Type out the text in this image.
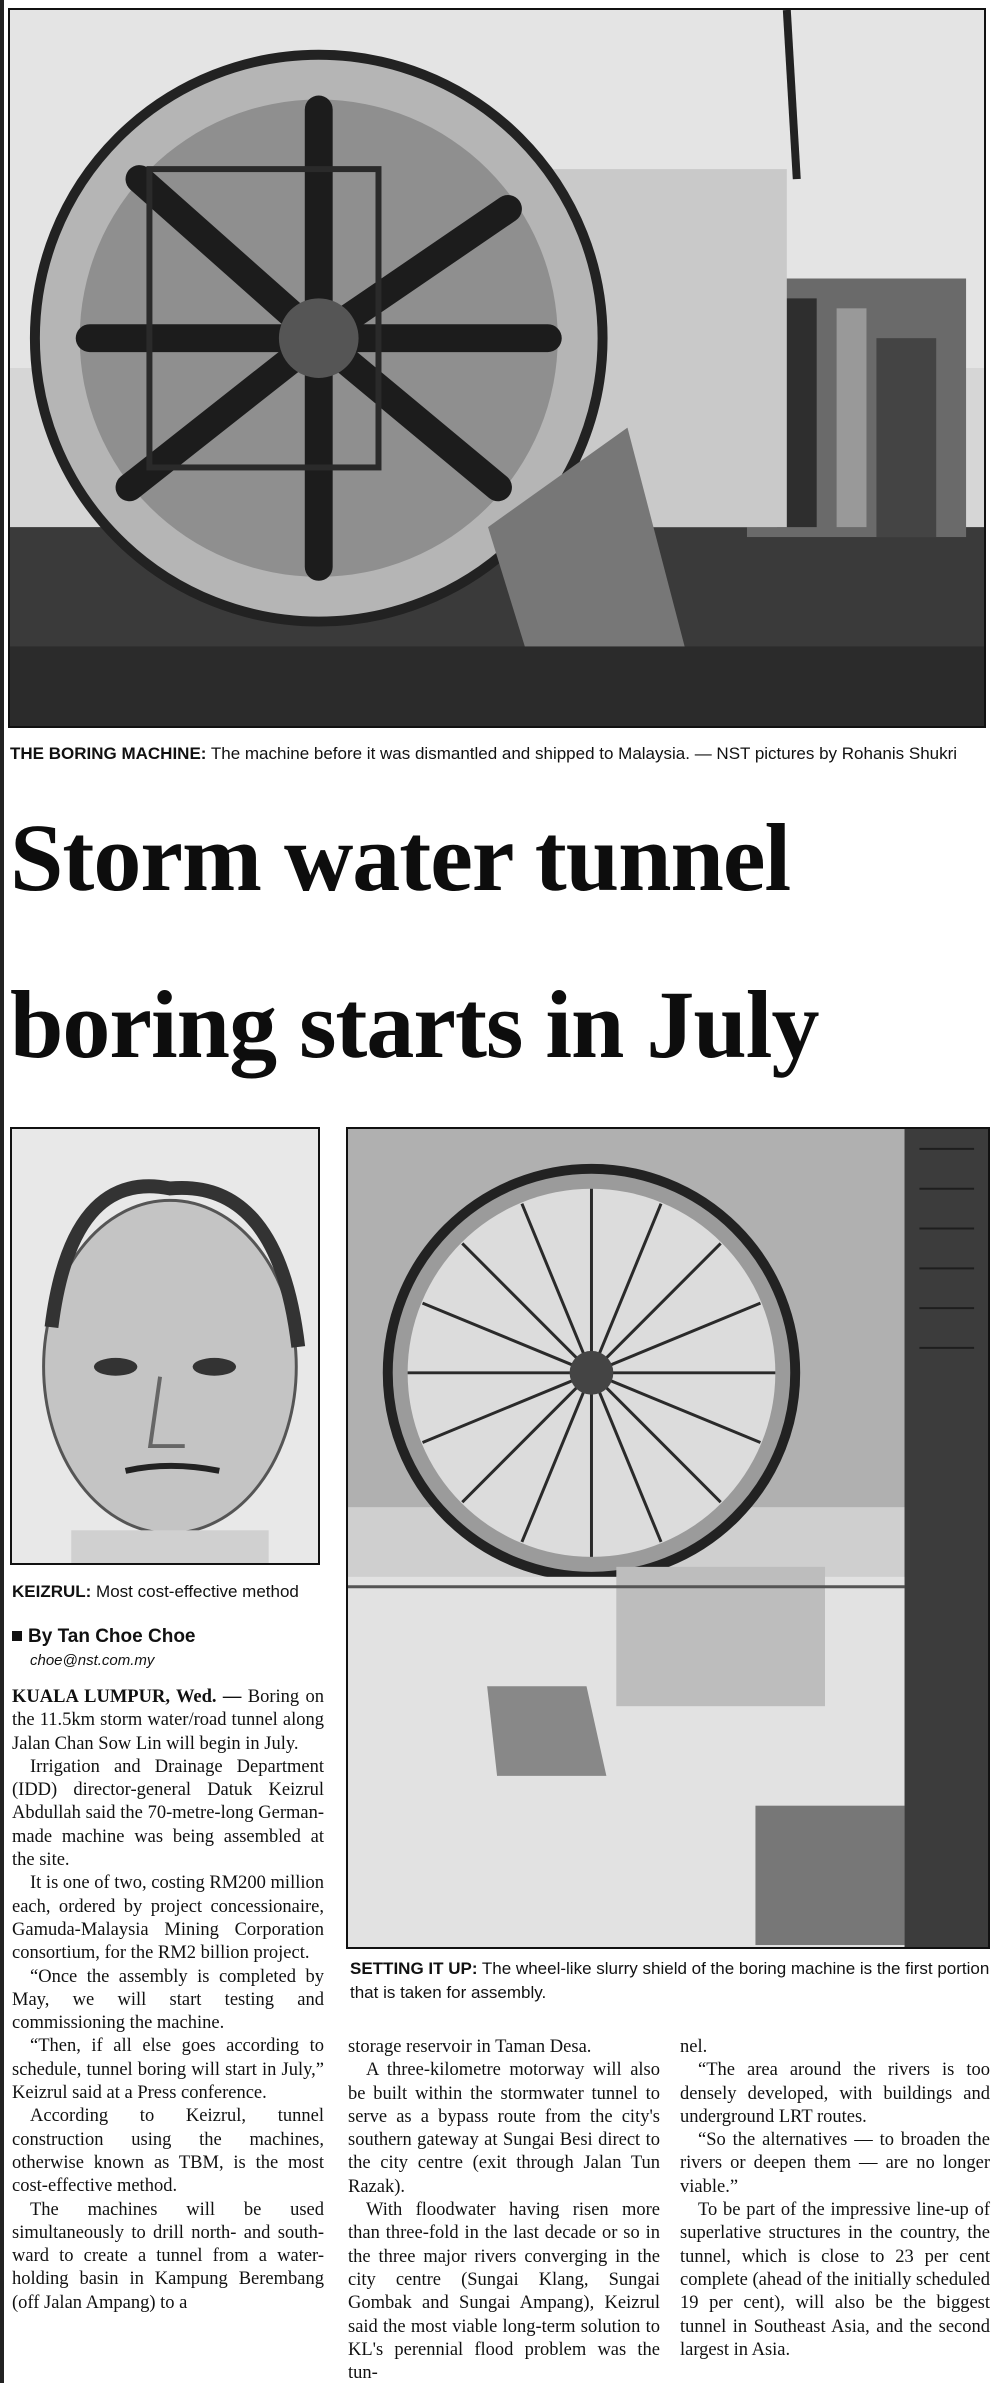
THE BORING MACHINE: The machine before it was dismantled and shipped to Malaysia. — NST pictures by Rohanis Shukri
Storm water tunnel
boring starts in July
KEIZRUL: Most cost-effective method
By Tan Choe Choe
choe@nst.com.my
SETTING IT UP: The wheel-like slurry shield of the boring machine is the first portion that is taken for assembly.

KUALA LUMPUR, Wed. — Boring on the 11.5km storm water/road tunnel along Jalan Chan Sow Lin will begin in July.

Irrigation and Drainage Department (IDD) director-general Datuk Keizrul Abdullah said the 70-metre-long German-made machine was being assembled at the site.

It is one of two, costing RM200 million each, ordered by project concessionaire, Gamuda-Malaysia Mining Corporation consortium, for the RM2 billion project.

“Once the assembly is completed by May, we will start testing and commissioning the machine.

“Then, if all else goes according to schedule, tunnel boring will start in July,” Keizrul said at a Press conference.

According to Keizrul, tunnel construction using the machines, otherwise known as TBM, is the most cost-effective method.

The machines will be used simultaneously to drill north- and south-ward to create a tunnel from a water-holding basin in Kampung Berembang (off Jalan Ampang) to a

storage reservoir in Taman Desa.

A three-kilometre motorway will also be built within the stormwater tunnel to serve as a bypass route from the city's southern gateway at Sungai Besi direct to the city centre (exit through Jalan Tun Razak).

With floodwater having risen more than three-fold in the last decade or so in the three major rivers converging in the city centre (Sungai Klang, Sungai Gombak and Sungai Ampang), Keizrul said the most viable long-term solution to KL's perennial flood problem was the tun-

nel.

“The area around the rivers is too densely developed, with buildings and underground LRT routes.

“So the alternatives — to broaden the rivers or deepen them — are no longer viable.”

To be part of the impressive line-up of superlative structures in the country, the tunnel, which is close to 23 per cent complete (ahead of the initially scheduled 19 per cent), will also be the biggest tunnel in Southeast Asia, and the second largest in Asia.
